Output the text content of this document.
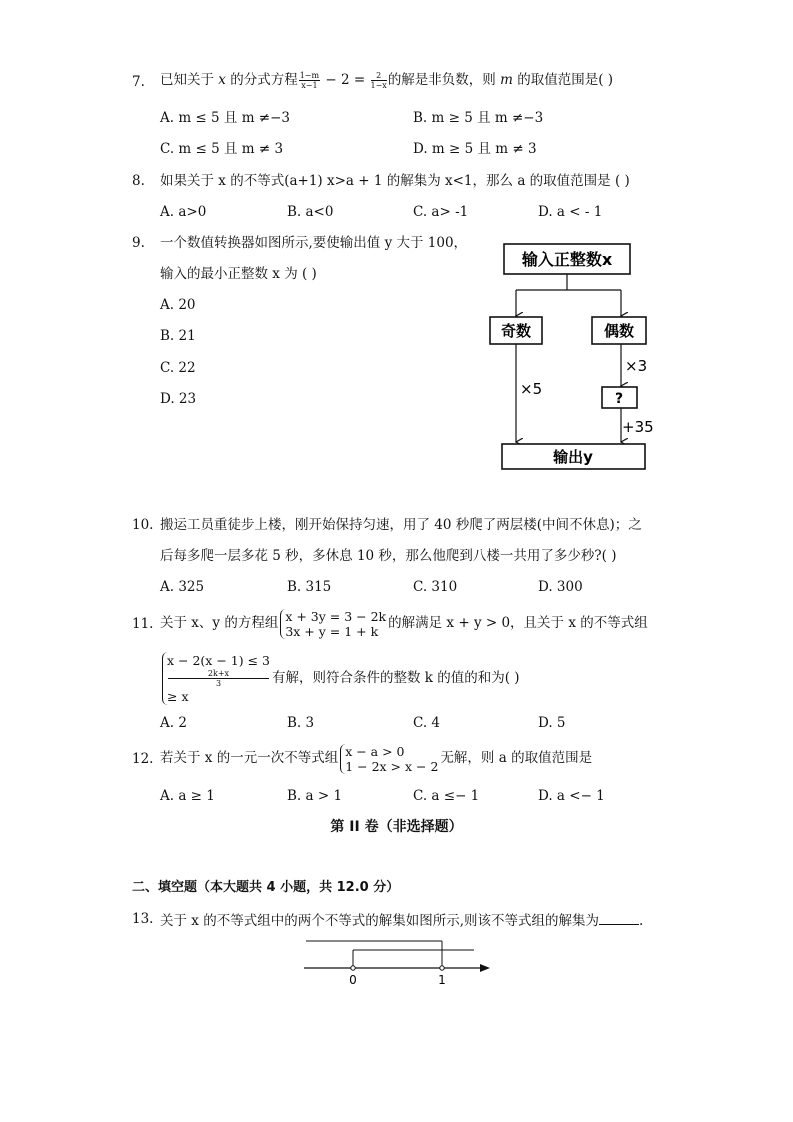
7. 已知关于 x 的分式方程 $\frac{1-m}{x-1} - 2 = \frac{2}{1-x}$ 的解是非负数，则 m 的取值范围是( )
A. m ≤ 5 且 m ≠−3	B. m ≥ 5 且 m ≠−3
C. m ≤ 5 且 m ≠ 3	D. m ≥ 5 且 m ≠ 3
8. 如果关于 x 的不等式(a+1) x>a + 1 的解集为 x<1，那么 a 的取值范围是 ( )
A. a>0	B. a<0	C. a> -1	D. a < - 1
9. 一个数值转换器如图所示,要使输出值 y 大于 100，
输入的最小正整数 x 为 ( )
A. 20
B. 21
C. 22
D. 23
输入正整数x
奇数	偶数
×5
×3
?
+35
输出y
10. 搬运工员重徒步上楼，刚开始保持匀速，用了 40 秒爬了两层楼(中间不休息)；之
后每多爬一层多花 5 秒，多休息 10 秒，那么他爬到八楼一共用了多少秒?( )
A. 325	B. 315	C. 310	D. 300
11. 关于 x、y 的方程组 x + 3y = 3 − 2k
3x + y = 1 + k 的解满足 x + y > 0，且关于 x 的不等式组
x − 2(x − 1) ≤ 3
2k+x
3
≥ x
有解，则符合条件的整数 k 的值的和为( )
A. 2	B. 3	C. 4	D. 5
12. 若关于 x 的一元一次不等式组 x − a > 0
1 − 2x > x − 2 无解，则 a 的取值范围是
A. a ≥ 1	B. a > 1	C. a ≤− 1	D. a <− 1
第 II 卷（非选择题）
二、填空题（本大题共 4 小题，共 12.0 分）
13. 关于 x 的不等式组中的两个不等式的解集如图所示,则该不等式组的解集为	.
0	1
